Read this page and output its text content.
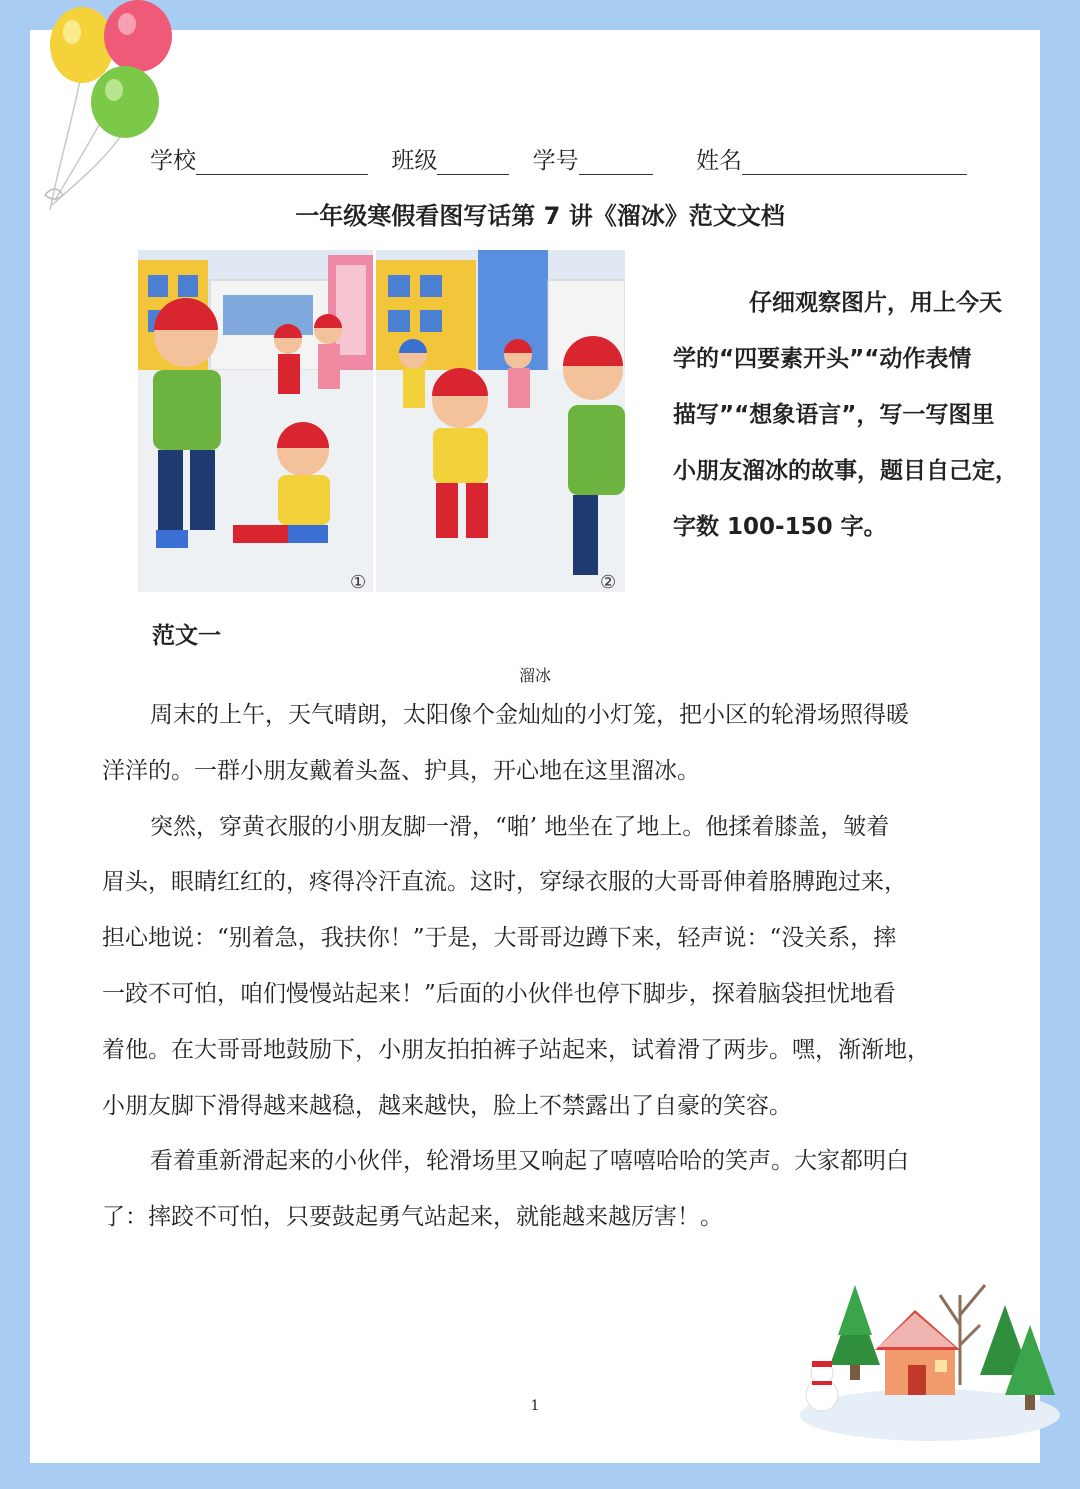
学校	班级	学号	姓名
一年级寒假看图写话第 7 讲《溜冰》范文文档
①	②
仔细观察图片，用上今天
学的“四要素开头”“动作表情
描写”“想象语言”，写一写图里
小朋友溜冰的故事，题目自己定，
字数 100-150 字。
范文一
溜冰
周末的上午，天气晴朗，太阳像个金灿灿的小灯笼，把小区的轮滑场照得暖
洋洋的。一群小朋友戴着头盔、护具，开心地在这里溜冰。
突然，穿黄衣服的小朋友脚一滑，“啪’ 地坐在了地上。他揉着膝盖，皱着
眉头，眼睛红红的，疼得冷汗直流。这时，穿绿衣服的大哥哥伸着胳膊跑过来，
担心地说：“别着急，我扶你！”于是，大哥哥边蹲下来，轻声说：“没关系，摔
一跤不可怕，咱们慢慢站起来！”后面的小伙伴也停下脚步，探着脑袋担忧地看
着他。在大哥哥地鼓励下，小朋友拍拍裤子站起来，试着滑了两步。嘿，渐渐地，
小朋友脚下滑得越来越稳，越来越快，脸上不禁露出了自豪的笑容。
看着重新滑起来的小伙伴，轮滑场里又响起了嘻嘻哈哈的笑声。大家都明白
了：摔跤不可怕，只要鼓起勇气站起来，就能越来越厉害！。
1
